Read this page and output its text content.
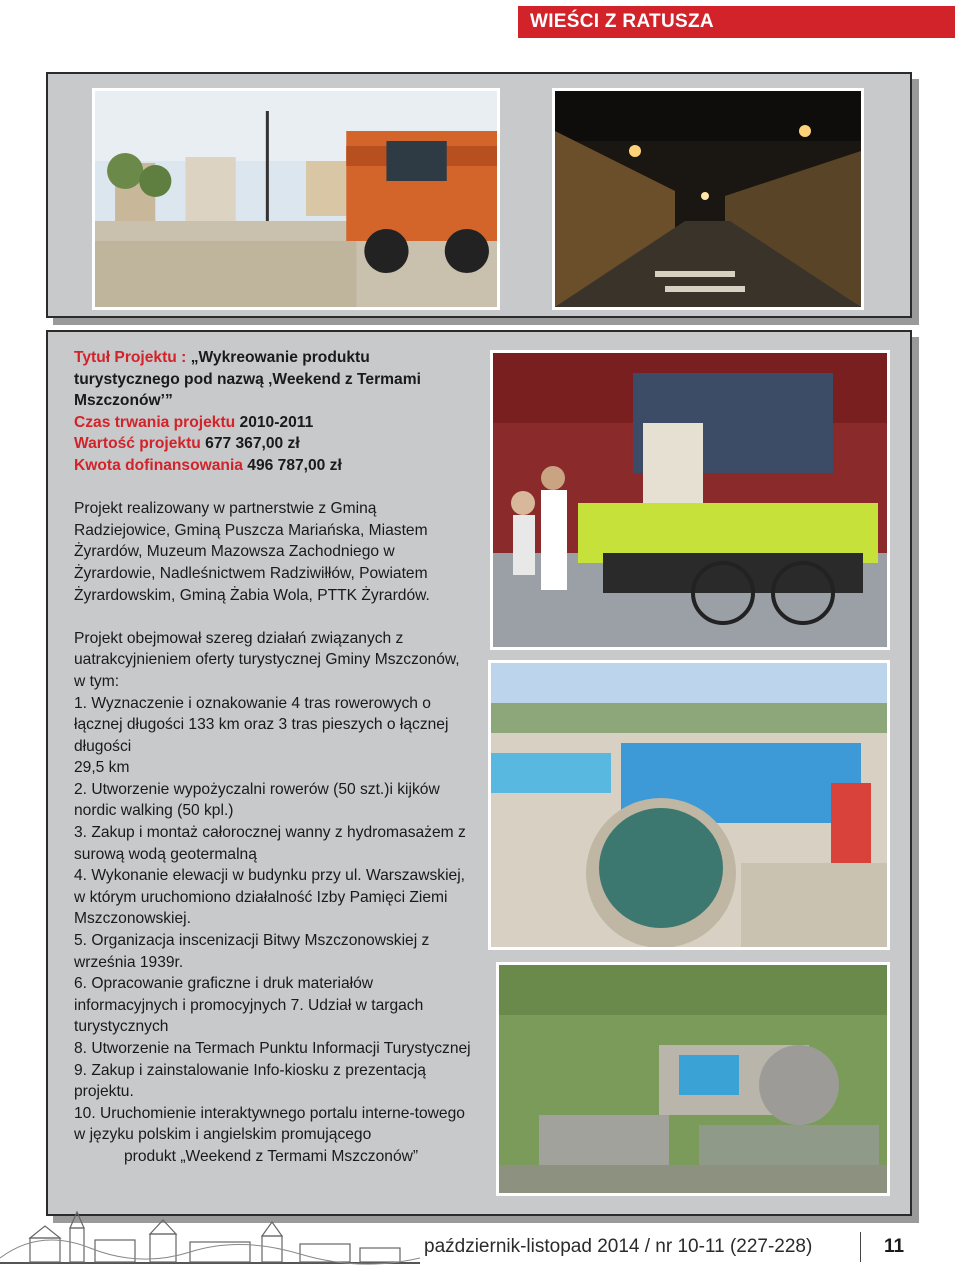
WIEŚCI Z RATUSZA

Tytuł Projektu : „Wykreowanie produktu turystycznego pod nazwą ‚Weekend z Termami Mszczonów’”

Czas trwania projektu 2010-2011

Wartość projektu 677 367,00 zł

Kwota dofinansowania 496 787,00 zł

Projekt realizowany w partnerstwie z Gminą Radziejowice, Gminą Puszcza Mariańska, Miastem Żyrardów, Muzeum Mazowsza Zachodniego w Żyrardowie, Nadleśnictwem Radziwiłłów, Powiatem Żyrardowskim, Gminą Żabia Wola, PTTK Żyrardów.

Projekt obejmował szereg działań związanych z uatrakcyjnieniem oferty turystycznej Gminy Mszczonów, w tym:

1. Wyznaczenie i oznakowanie 4 tras rowerowych o łącznej długości 133 km oraz 3 tras pieszych o łącznej długości

29,5 km

2. Utworzenie wypożyczalni rowerów (50 szt.)i kijków nordic walking (50 kpl.)

3. Zakup i montaż całorocznej wanny z hydromasażem z surową wodą geotermalną

4. Wykonanie elewacji w budynku przy ul. Warszawskiej, w którym uruchomiono działalność Izby Pamięci Ziemi Mszczonowskiej.

5. Organizacja inscenizacji Bitwy Mszczonowskiej z września 1939r.

6. Opracowanie graficzne i druk materiałów informacyjnych i promocyjnych 7. Udział w targach turystycznych

8. Utworzenie na Termach Punktu Informacji Turystycznej

9. Zakup i zainstalowanie Info-kiosku z prezentacją projektu.

10. Uruchomienie interaktywnego portalu interne-towego w języku polskim i angielskim promującego

produkt „Weekend z Termami Mszczonów”

październik-listopad 2014 / nr 10-11 (227-228)	11
